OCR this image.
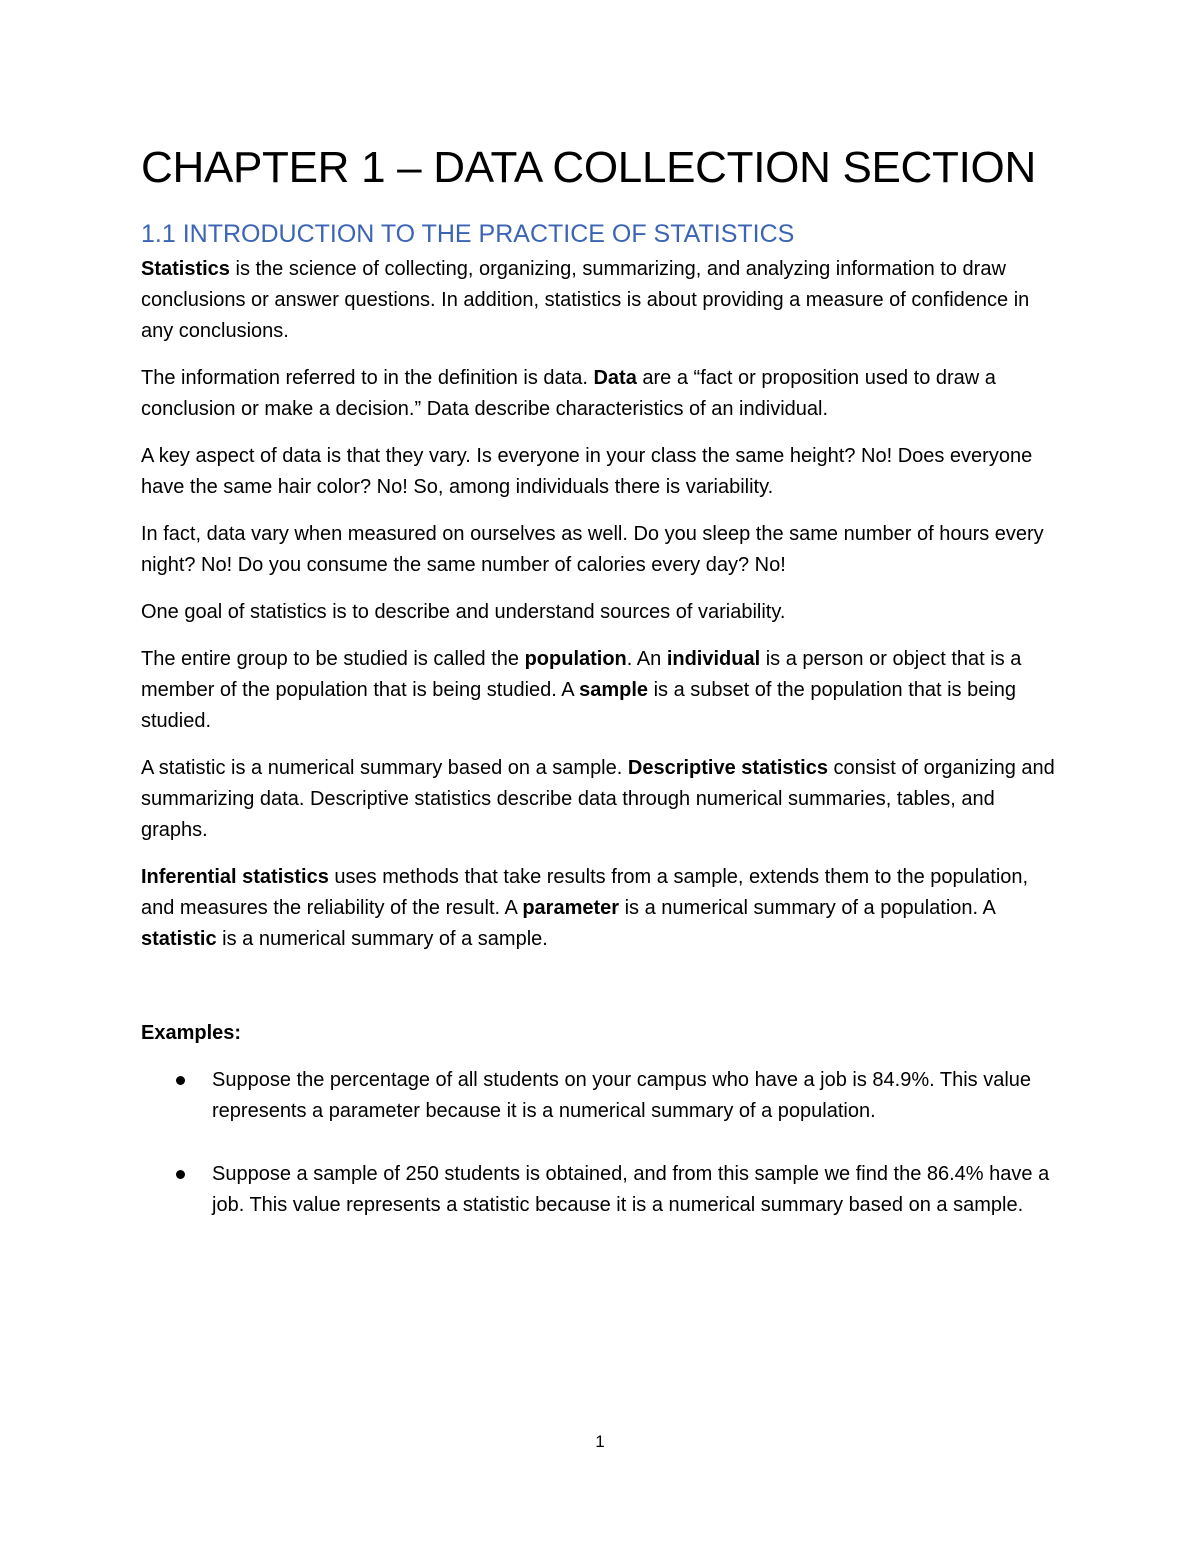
CHAPTER 1 – DATA COLLECTION SECTION
1.1 INTRODUCTION TO THE PRACTICE OF STATISTICS

Statistics is the science of collecting, organizing, summarizing, and analyzing information to draw conclusions or answer questions. In addition, statistics is about providing a measure of confidence in any conclusions.

The information referred to in the definition is data. Data are a “fact or proposition used to draw a conclusion or make a decision.” Data describe characteristics of an individual.

A key aspect of data is that they vary. Is everyone in your class the same height? No! Does everyone have the same hair color? No! So, among individuals there is variability.

In fact, data vary when measured on ourselves as well. Do you sleep the same number of hours every night? No! Do you consume the same number of calories every day? No!

One goal of statistics is to describe and understand sources of variability.

The entire group to be studied is called the population. An individual is a person or object that is a member of the population that is being studied. A sample is a subset of the population that is being studied.

A statistic is a numerical summary based on a sample. Descriptive statistics consist of organizing and summarizing data. Descriptive statistics describe data through numerical summaries, tables, and graphs.

Inferential statistics uses methods that take results from a sample, extends them to the population, and measures the reliability of the result. A parameter is a numerical summary of a population. A statistic is a numerical summary of a sample.

Examples:
Suppose the percentage of all students on your campus who have a job is 84.9%. This value represents a parameter because it is a numerical summary of a population.
Suppose a sample of 250 students is obtained, and from this sample we find the 86.4% have a job. This value represents a statistic because it is a numerical summary based on a sample.
1
